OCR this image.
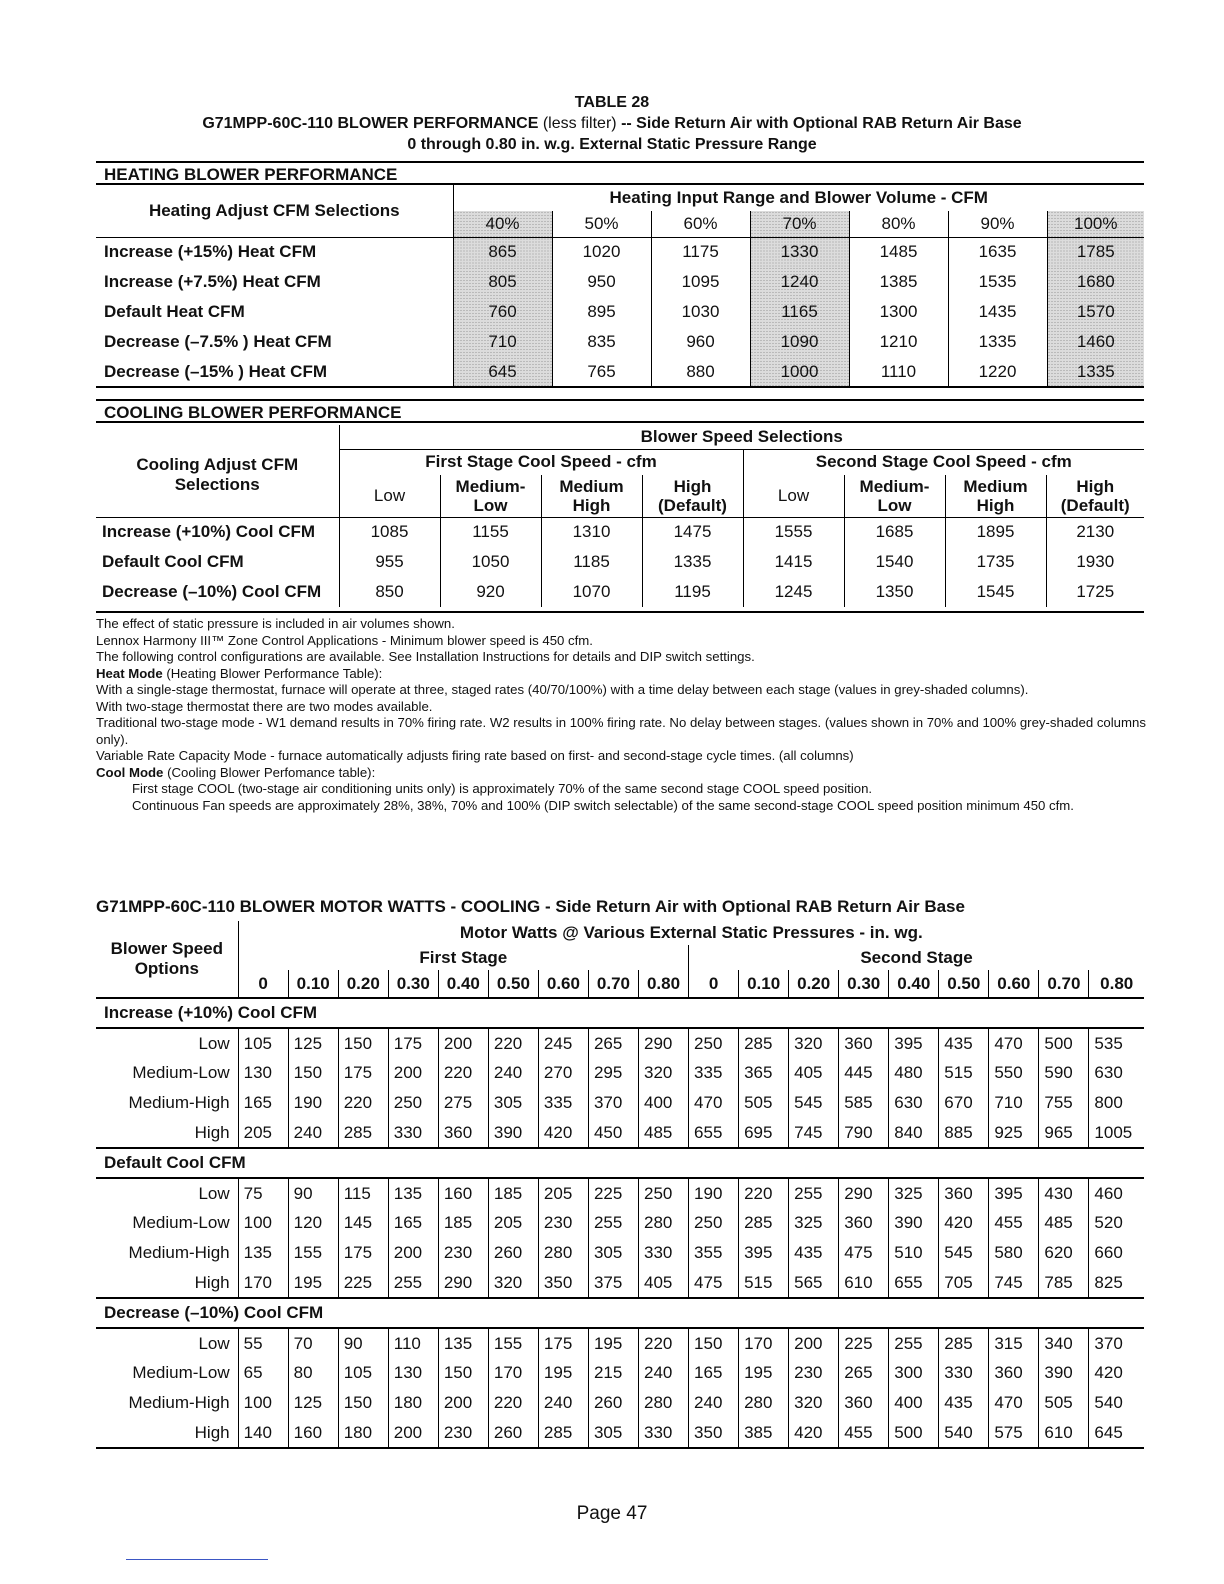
TABLE 28
G71MPP-60C-110 BLOWER PERFORMANCE (less filter) -- Side Return Air with Optional RAB Return Air Base
0 through 0.80 in. w.g. External Static Pressure Range
HEATING BLOWER PERFORMANCE
Heating Adjust CFM Selections	Heating Input Range and Blower Volume - CFM						
	40%	50%	60%	70%	80%	90%	100%
Increase (+15%) Heat CFM	865	1020	1175	1330	1485	1635	1785
Increase (+7.5%) Heat CFM	805	950	1095	1240	1385	1535	1680
Default Heat CFM	760	895	1030	1165	1300	1435	1570
Decrease (–7.5% ) Heat CFM	710	835	960	1090	1210	1335	1460
Decrease (–15% ) Heat CFM	645	765	880	1000	1110	1220	1335
COOLING BLOWER PERFORMANCE
Cooling Adjust CFM Selections	Blower Speed Selections							
	First Stage Cool Speed - cfm				Second Stage Cool Speed - cfm			
	Low	Medium- Low	Medium High	High (Default)	Low	Medium- Low	Medium High	High (Default)
Increase (+10%) Cool CFM	1085	1155	1310	1475	1555	1685	1895	2130
Default Cool CFM	955	1050	1185	1335	1415	1540	1735	1930
Decrease (–10%) Cool CFM	850	920	1070	1195	1245	1350	1545	1725
The effect of static pressure is included in air volumes shown.
Lennox Harmony III™ Zone Control Applications - Minimum blower speed is 450 cfm.
The following control configurations are available. See Installation Instructions for details and DIP switch settings.
Heat Mode (Heating Blower Performance Table):
With a single-stage thermostat, furnace will operate at three, staged rates (40/70/100%) with a time delay between each stage (values in grey-shaded columns).
With two-stage thermostat there are two modes available.
Traditional two-stage mode - W1 demand results in 70% firing rate. W2 results in 100% firing rate. No delay between stages. (values shown in 70% and 100% grey-shaded columns only).
Variable Rate Capacity Mode - furnace automatically adjusts firing rate based on first- and second-stage cycle times. (all columns)
Cool Mode (Cooling Blower Perfomance table):
First stage COOL (two-stage air conditioning units only) is approximately 70% of the same second stage COOL speed position.
Continuous Fan speeds are approximately 28%, 38%, 70% and 100% (DIP switch selectable) of the same second-stage COOL speed position minimum 450 cfm.
G71MPP-60C-110 BLOWER MOTOR WATTS - COOLING - Side Return Air with Optional RAB Return Air Base
Blower Speed Options	Motor Watts @ Various External Static Pressures - in. wg.																	
	First Stage									Second Stage								
	0	0.10	0.20	0.30	0.40	0.50	0.60	0.70	0.80	0	0.10	0.20	0.30	0.40	0.50	0.60	0.70	0.80
Increase (+10%) Cool CFM																		
Low	105	125	150	175	200	220	245	265	290	250	285	320	360	395	435	470	500	535
Medium-Low	130	150	175	200	220	240	270	295	320	335	365	405	445	480	515	550	590	630
Medium-High	165	190	220	250	275	305	335	370	400	470	505	545	585	630	670	710	755	800
High	205	240	285	330	360	390	420	450	485	655	695	745	790	840	885	925	965	1005
Default Cool CFM																		
Low	75	90	115	135	160	185	205	225	250	190	220	255	290	325	360	395	430	460
Medium-Low	100	120	145	165	185	205	230	255	280	250	285	325	360	390	420	455	485	520
Medium-High	135	155	175	200	230	260	280	305	330	355	395	435	475	510	545	580	620	660
High	170	195	225	255	290	320	350	375	405	475	515	565	610	655	705	745	785	825
Decrease (–10%) Cool CFM																		
Low	55	70	90	110	135	155	175	195	220	150	170	200	225	255	285	315	340	370
Medium-Low	65	80	105	130	150	170	195	215	240	165	195	230	265	300	330	360	390	420
Medium-High	100	125	150	180	200	220	240	260	280	240	280	320	360	400	435	470	505	540
High	140	160	180	200	230	260	285	305	330	350	385	420	455	500	540	575	610	645
Page 47
